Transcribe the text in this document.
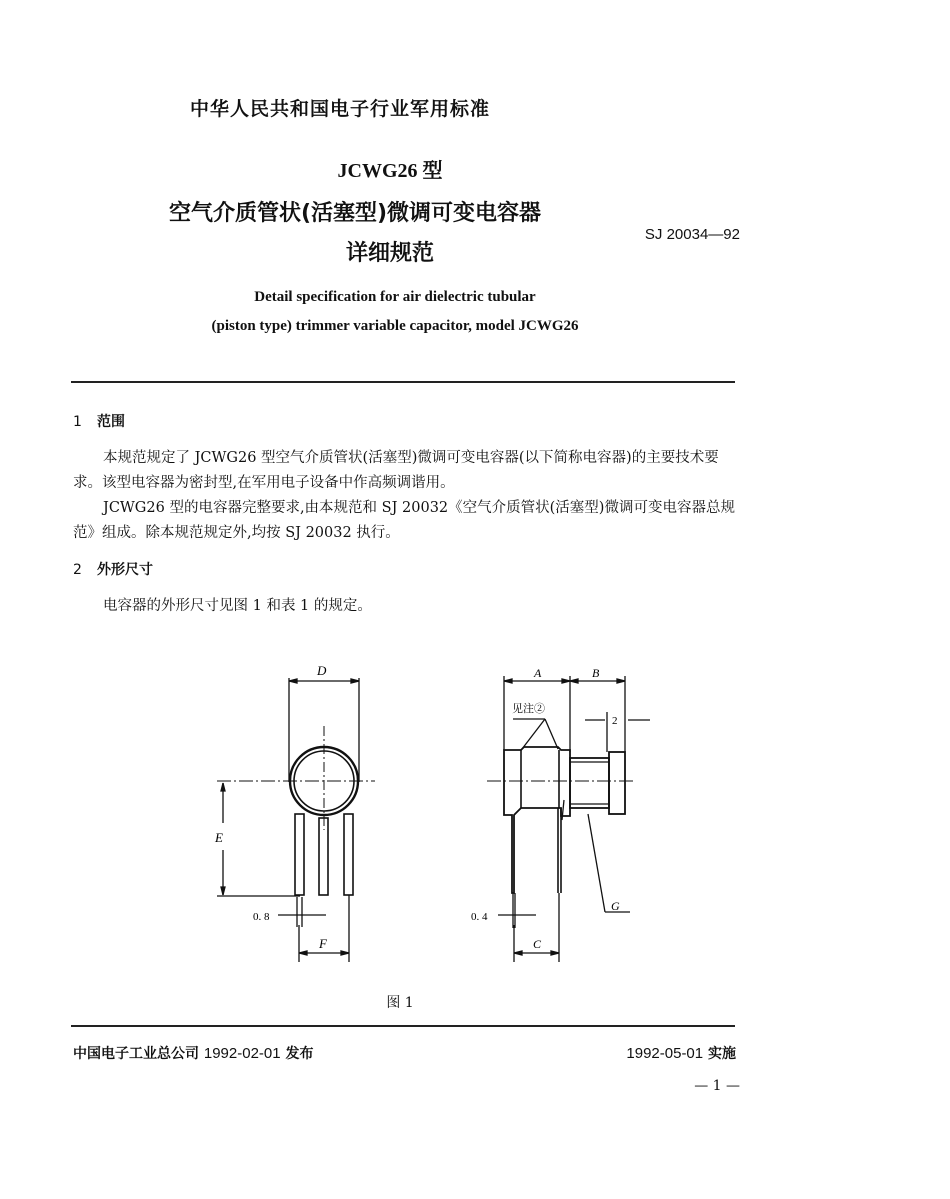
中华人民共和国电子行业军用标准
JCWG26 型
空气介质管状(活塞型)微调可变电容器
详细规范
SJ 20034—92
Detail specification for air dielectric tubular
(piston type) trimmer variable capacitor, model JCWG26
1 范围
本规范规定了 JCWG26 型空气介质管状(活塞型)微调可变电容器(以下简称电容器)的主要技术要求。该型电容器为密封型,在军用电子设备中作高频调谐用。
JCWG26 型的电容器完整要求,由本规范和 SJ 20032《空气介质管状(活塞型)微调可变电容器总规范》组成。除本规范规定外,均按 SJ 20032 执行。
2 外形尺寸
电容器的外形尺寸见图 1 和表 1 的规定。
D
E
0. 8
F
A	B
见注②
2
G
0. 4
C
图 1
中国电子工业总公司 1992-02-01 发布	1992-05-01 实施
— 1 —
